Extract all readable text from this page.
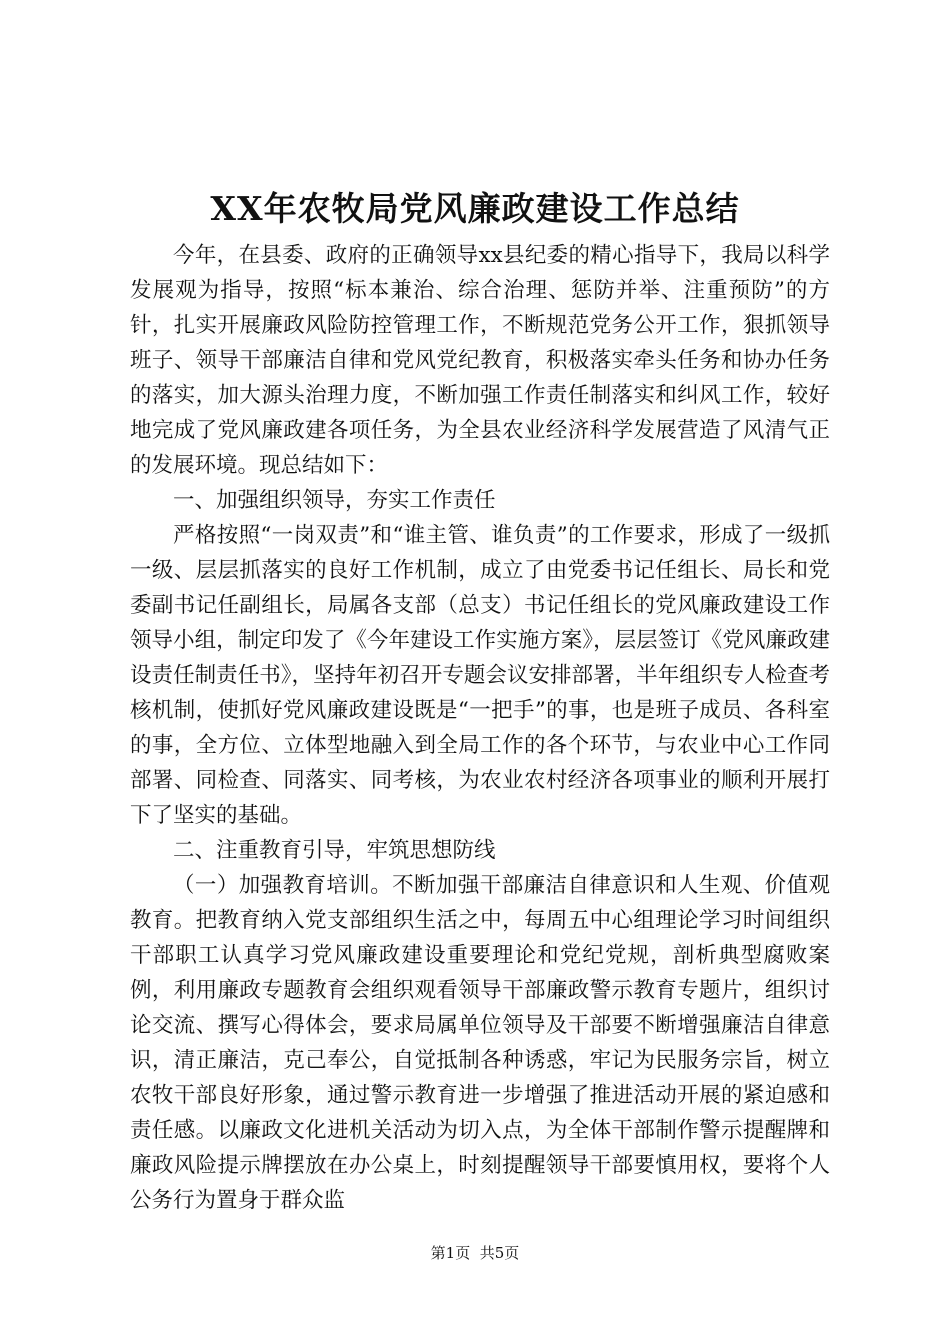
XX年农牧局党风廉政建设工作总结

今年，在县委、政府的正确领导xx县纪委的精心指导下，我局以科学发展观为指导，按照“标本兼治、综合治理、惩防并举、注重预防”的方针，扎实开展廉政风险防控管理工作，不断规范党务公开工作，狠抓领导班子、领导干部廉洁自律和党风党纪教育，积极落实牵头任务和协办任务的落实，加大源头治理力度，不断加强工作责任制落实和纠风工作，较好地完成了党风廉政建各项任务，为全县农业经济科学发展营造了风清气正的发展环境。现总结如下：

一、加强组织领导，夯实工作责任

严格按照“一岗双责”和“谁主管、谁负责”的工作要求，形成了一级抓一级、层层抓落实的良好工作机制，成立了由党委书记任组长、局长和党委副书记任副组长，局属各支部（总支）书记任组长的党风廉政建设工作领导小组，制定印发了《今年建设工作实施方案》，层层签订《党风廉政建设责任制责任书》，坚持年初召开专题会议安排部署，半年组织专人检查考核机制，使抓好党风廉政建设既是“一把手”的事，也是班子成员、各科室的事，全方位、立体型地融入到全局工作的各个环节，与农业中心工作同部署、同检查、同落实、同考核，为农业农村经济各项事业的顺利开展打下了坚实的基础。

二、注重教育引导，牢筑思想防线

（一）加强教育培训。不断加强干部廉洁自律意识和人生观、价值观教育。把教育纳入党支部组织生活之中，每周五中心组理论学习时间组织干部职工认真学习党风廉政建设重要理论和党纪党规，剖析典型腐败案例，利用廉政专题教育会组织观看领导干部廉政警示教育专题片，组织讨论交流、撰写心得体会，要求局属单位领导及干部要不断增强廉洁自律意识，清正廉洁，克己奉公，自觉抵制各种诱惑，牢记为民服务宗旨，树立农牧干部良好形象，通过警示教育进一步增强了推进活动开展的紧迫感和责任感。以廉政文化进机关活动为切入点，为全体干部制作警示提醒牌和廉政风险提示牌摆放在办公桌上，时刻提醒领导干部要慎用权，要将个人公务行为置身于群众监

第1页 共5页
